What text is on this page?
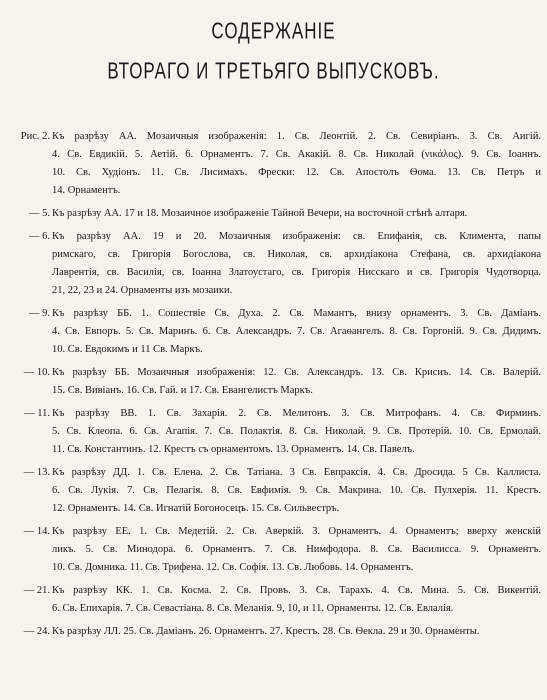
СОДЕРЖАНІЕ
ВТОРАГО И ТРЕТЬЯГО ВЫПУСКОВЪ.
Рис. 2. Къ разрѣзу АА. Мозаичныя изображенія: 1. Св. Леонтій. 2. Св. Севиріанъ. 3. Св. Аигій.
4. Св. Евдикій. 5. Аетій. 6. Орнаментъ. 7. Св. Акакій. 8. Св. Николай (νικάλος). 9. Св. Іоаннъ.
10. Св. Худіонъ. 11. Св. Лисимахъ. Фрески: 12. Св. Апостолъ Ѳома. 13. Св. Петръ и
14. Орнаментъ.
— 5. Къ разрѣзу АА. 17 и 18. Мозаичное изображеніе Тайной Вечери, на восточной стѣнѣ алтаря.
— 6. Къ разрѣзу АА. 19 и 20. Мозаичныя изображенія: св. Епифанія, св. Климента, папы
римскаго, св. Григорія Богослова, св. Николая, св. архидіакона Стефана, св. архидіакона
Лаврентія, св. Василія, св. Іоанна Златоустаго, св. Григорія Нисскаго и св. Григорія Чудотворца.
21, 22, 23 и 24. Орнаменты изъ мозаики.
— 9. Къ разрѣзу ББ. 1. Сошествіе Св. Духа. 2. Св. Мамантъ, внизу орнаментъ. 3. Св. Даміанъ.
4. Св. Евпоръ. 5. Св. Маринъ. 6. Св. Александръ. 7. Св. Агаѳангелъ. 8. Св. Горгоній. 9. Св. Дидимъ.
10. Св. Евдокимъ и 11 Св. Маркъ.
— 10. Къ разрѣзу ББ. Мозаичныя изображенія: 12. Св. Александръ. 13. Св. Крисиъ. 14. Св. Валерій.
15. Св. Вивіанъ. 16. Св. Гай. и 17. Св. Евангелистъ Маркъ.
— 11. Къ разрѣзу ВВ. 1. Св. Захарія. 2. Св. Мелитонъ. 3. Св. Митрофанъ. 4. Св. Фирминъ.
5. Св. Клеопа. 6. Св. Агапія. 7. Св. Полактія. 8. Св. Николай. 9. Св. Протерій. 10. Св. Ермолай.
11. Св. Константинъ. 12. Крестъ съ орнаментомъ. 13. Орнаментъ. 14. Св. Павелъ.
— 13. Къ разрѣзу ДД. 1. Св. Елена. 2. Св. Татіана. 3 Св. Евпраксія. 4. Св. Дросида. 5 Св. Каллиста.
6. Св. Лукія. 7. Св. Пелагія. 8. Св. Евфимія. 9. Св. Макрина. 10. Св. Пулхерія. 11. Крестъ.
12. Орнаментъ. 14. Св. Игнатій Богоносецъ. 15. Св. Сильвестръ.
— 14. Къ разрѣзу ЕЕ. 1. Св. Медетій. 2. Св. Аверкій. 3. Орнаментъ. 4. Орнаментъ; вверху женскій
ликъ. 5. Св. Минодора. 6. Орнаментъ. 7. Св. Нимфодора. 8. Св. Василисса. 9. Орнаментъ.
10. Св. Домника. 11. Св. Трифена. 12. Св. Софія. 13. Св. Любовь. 14. Орнаментъ.
— 21. Къ разрѣзу КК. 1. Св. Косма. 2. Св. Провъ. 3. Св. Тарахъ. 4. Св. Мина. 5. Св. Викентій.
6. Св. Епихарія. 7. Св. Севастіана. 8. Св. Меланія. 9, 10, и 11. Орнаменты. 12. Св. Евлалія.
— 24. Къ разрѣзу ЛЛ. 25. Св. Даміанъ. 26. Орнаментъ. 27. Крестъ. 28. Св. Ѳекла. 29 и 30. Орнаменты.
